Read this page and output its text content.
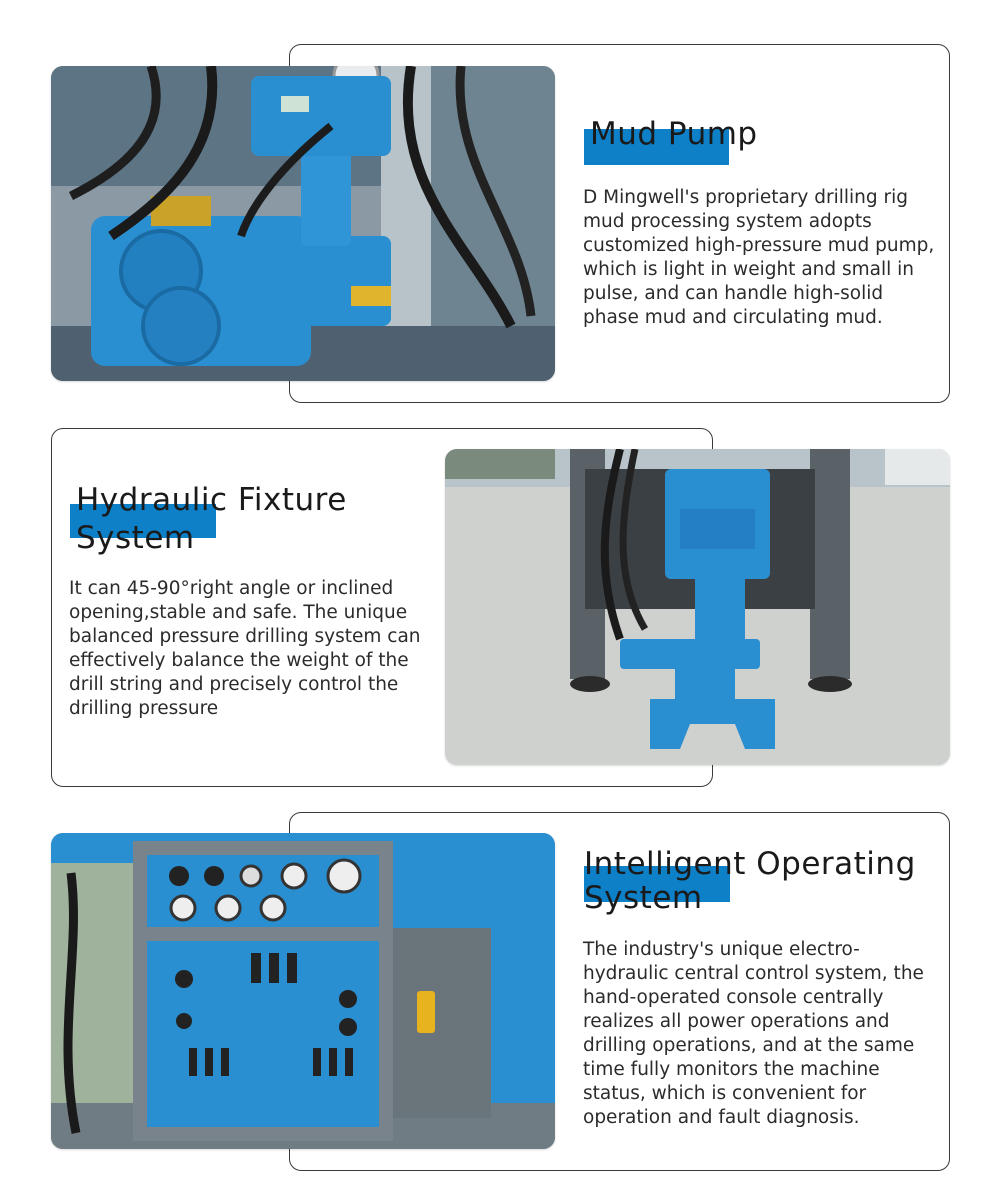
Mud Pump
D Mingwell's proprietary drilling rig mud processing system adopts customized high-pressure mud pump, which is light in weight and small in pulse, and can handle high-solid phase mud and circulating mud.
Hydraulic Fixture
System
It can 45-90°right angle or inclined opening,stable and safe. The unique balanced pressure drilling system can effectively balance the weight of the drill string and precisely control the drilling pressure
Intelligent Operating
System
The industry's unique electro-hydraulic central control system, the hand-operated console centrally realizes all power operations and drilling operations, and at the same time fully monitors the machine status, which is convenient for operation and fault diagnosis.
